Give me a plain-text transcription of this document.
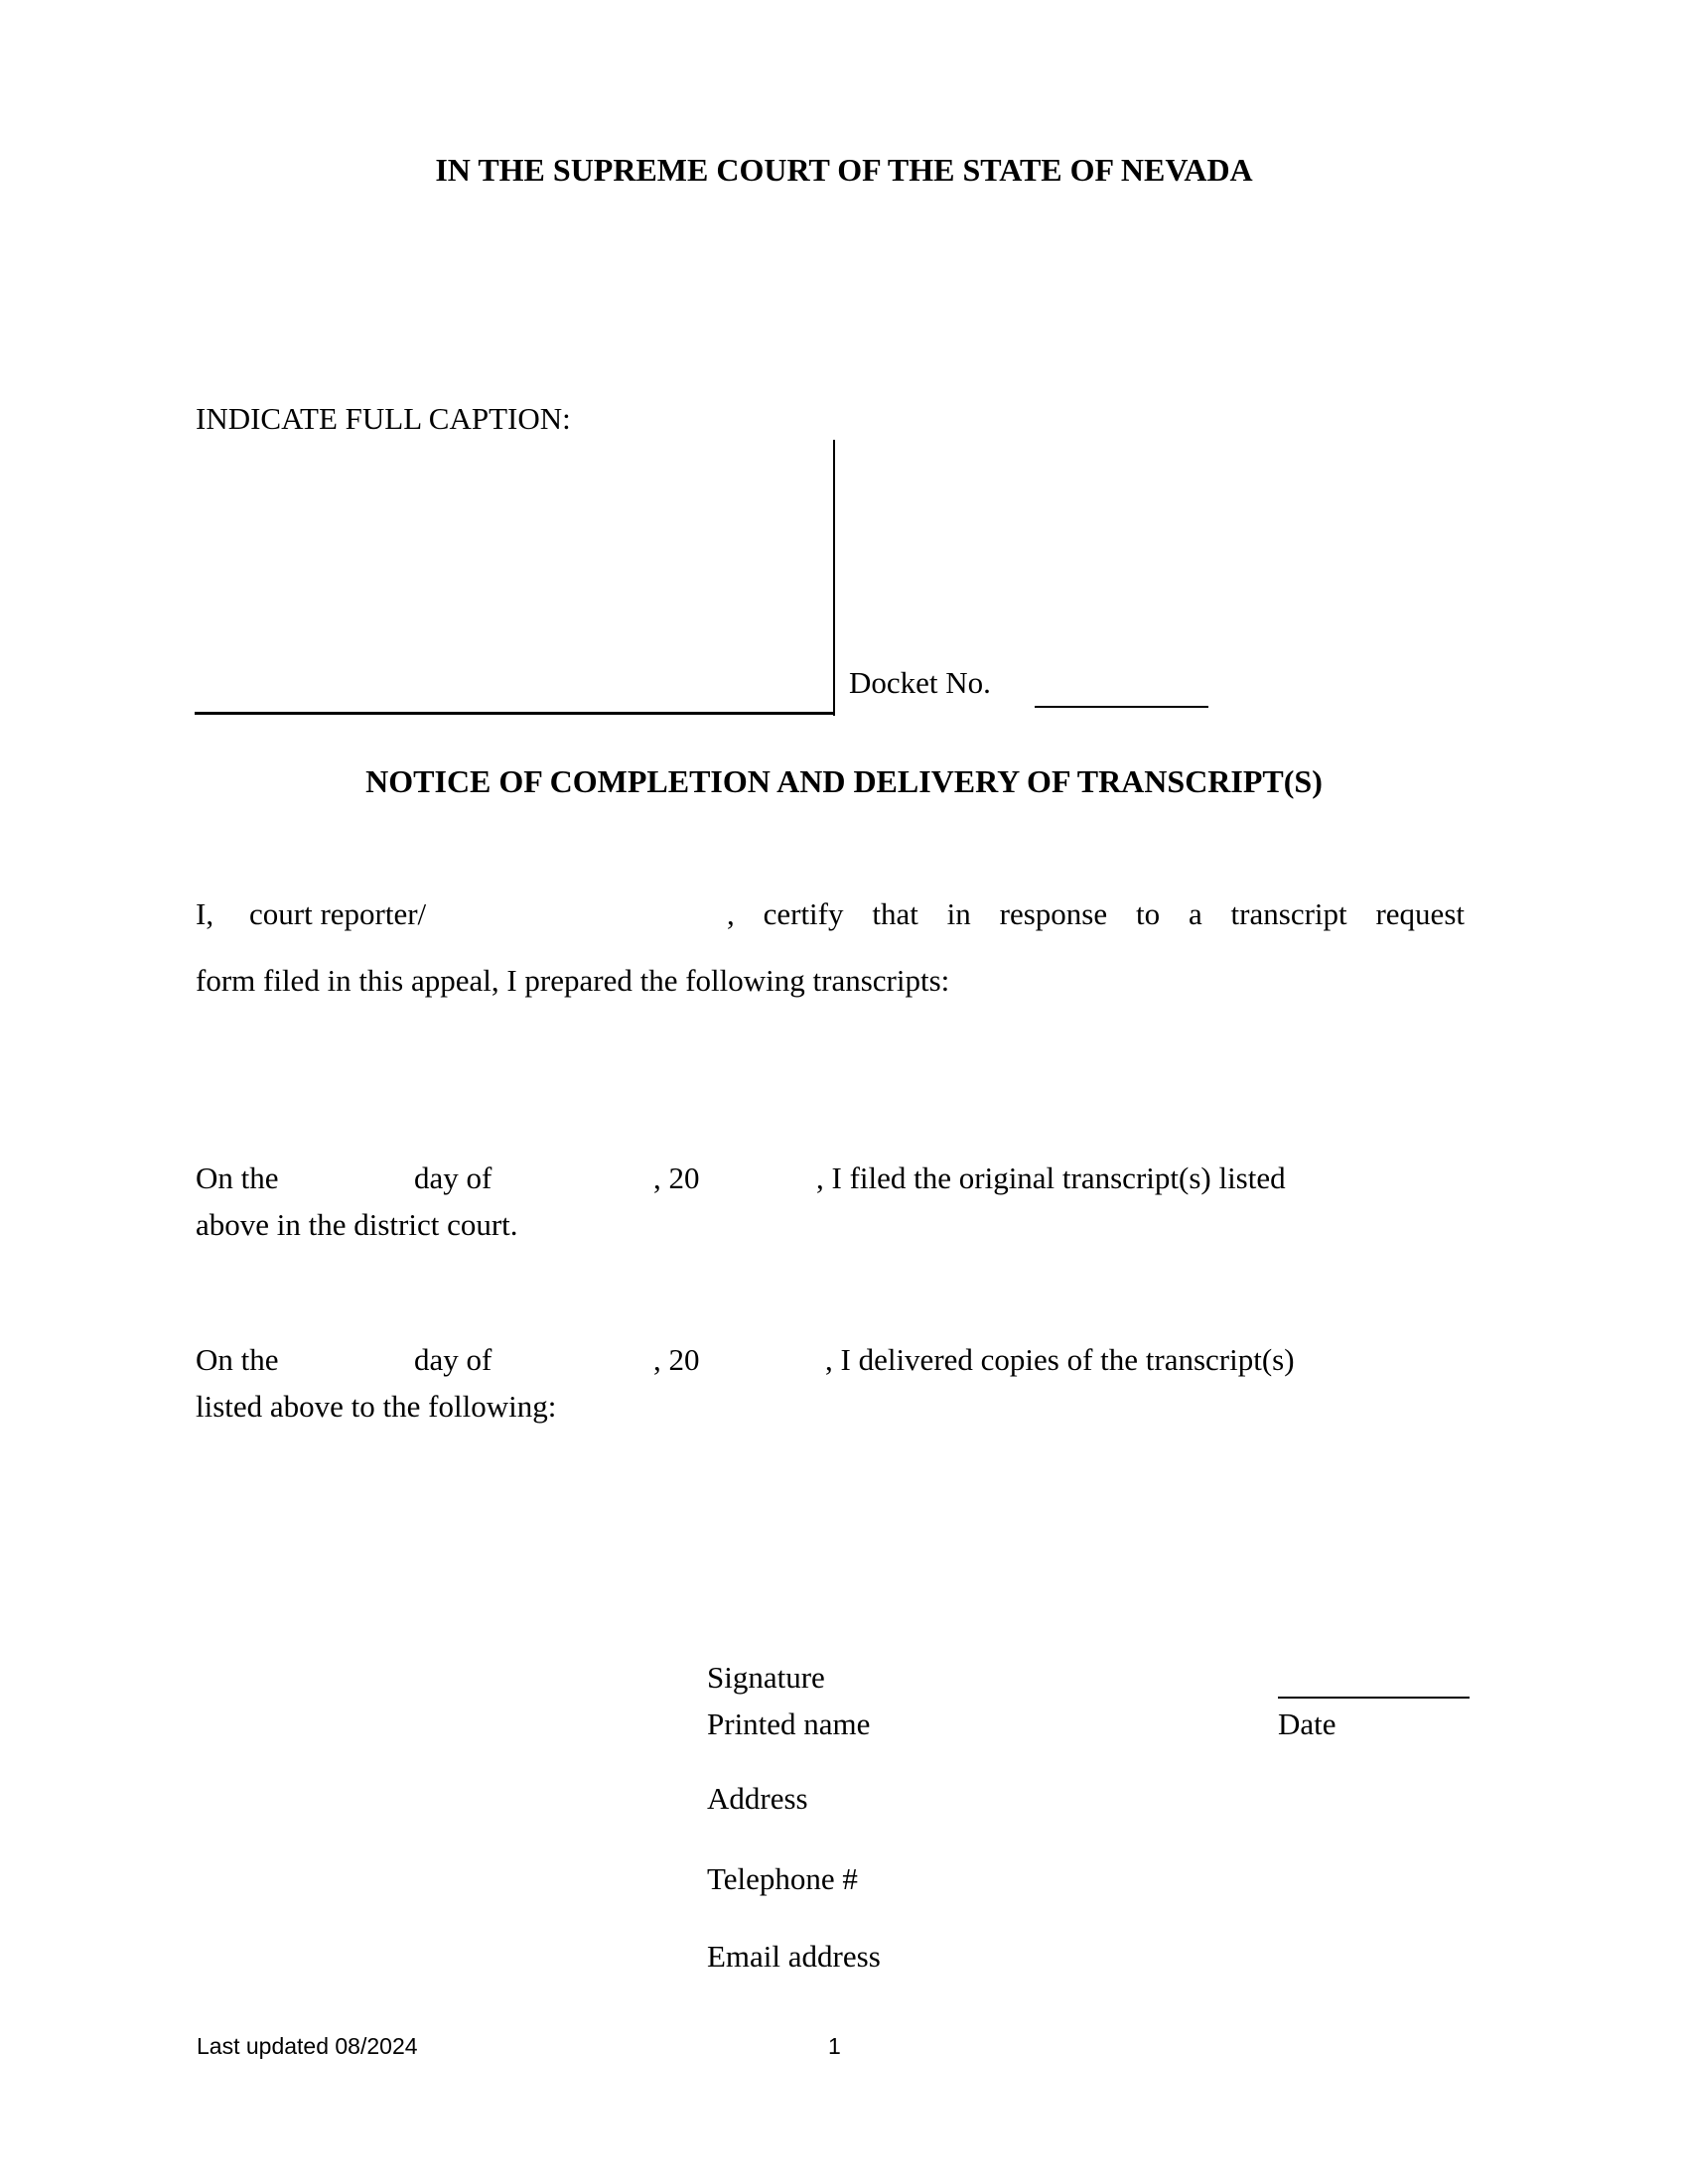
IN THE SUPREME COURT OF THE STATE OF NEVADA
INDICATE FULL CAPTION:
Docket No.
NOTICE OF COMPLETION AND DELIVERY OF TRANSCRIPT(S)
I, court reporter/	, certify that in response to a transcript request
form filed in this appeal, I prepared the following transcripts:
On the	day of	, 20	, I filed the original transcript(s) listed
above in the district court.
On the	day of	, 20	, I delivered copies of the transcript(s)
listed above to the following:
Signature
Printed name	Date
Address
Telephone #
Email address
Last updated 08/2024	1
